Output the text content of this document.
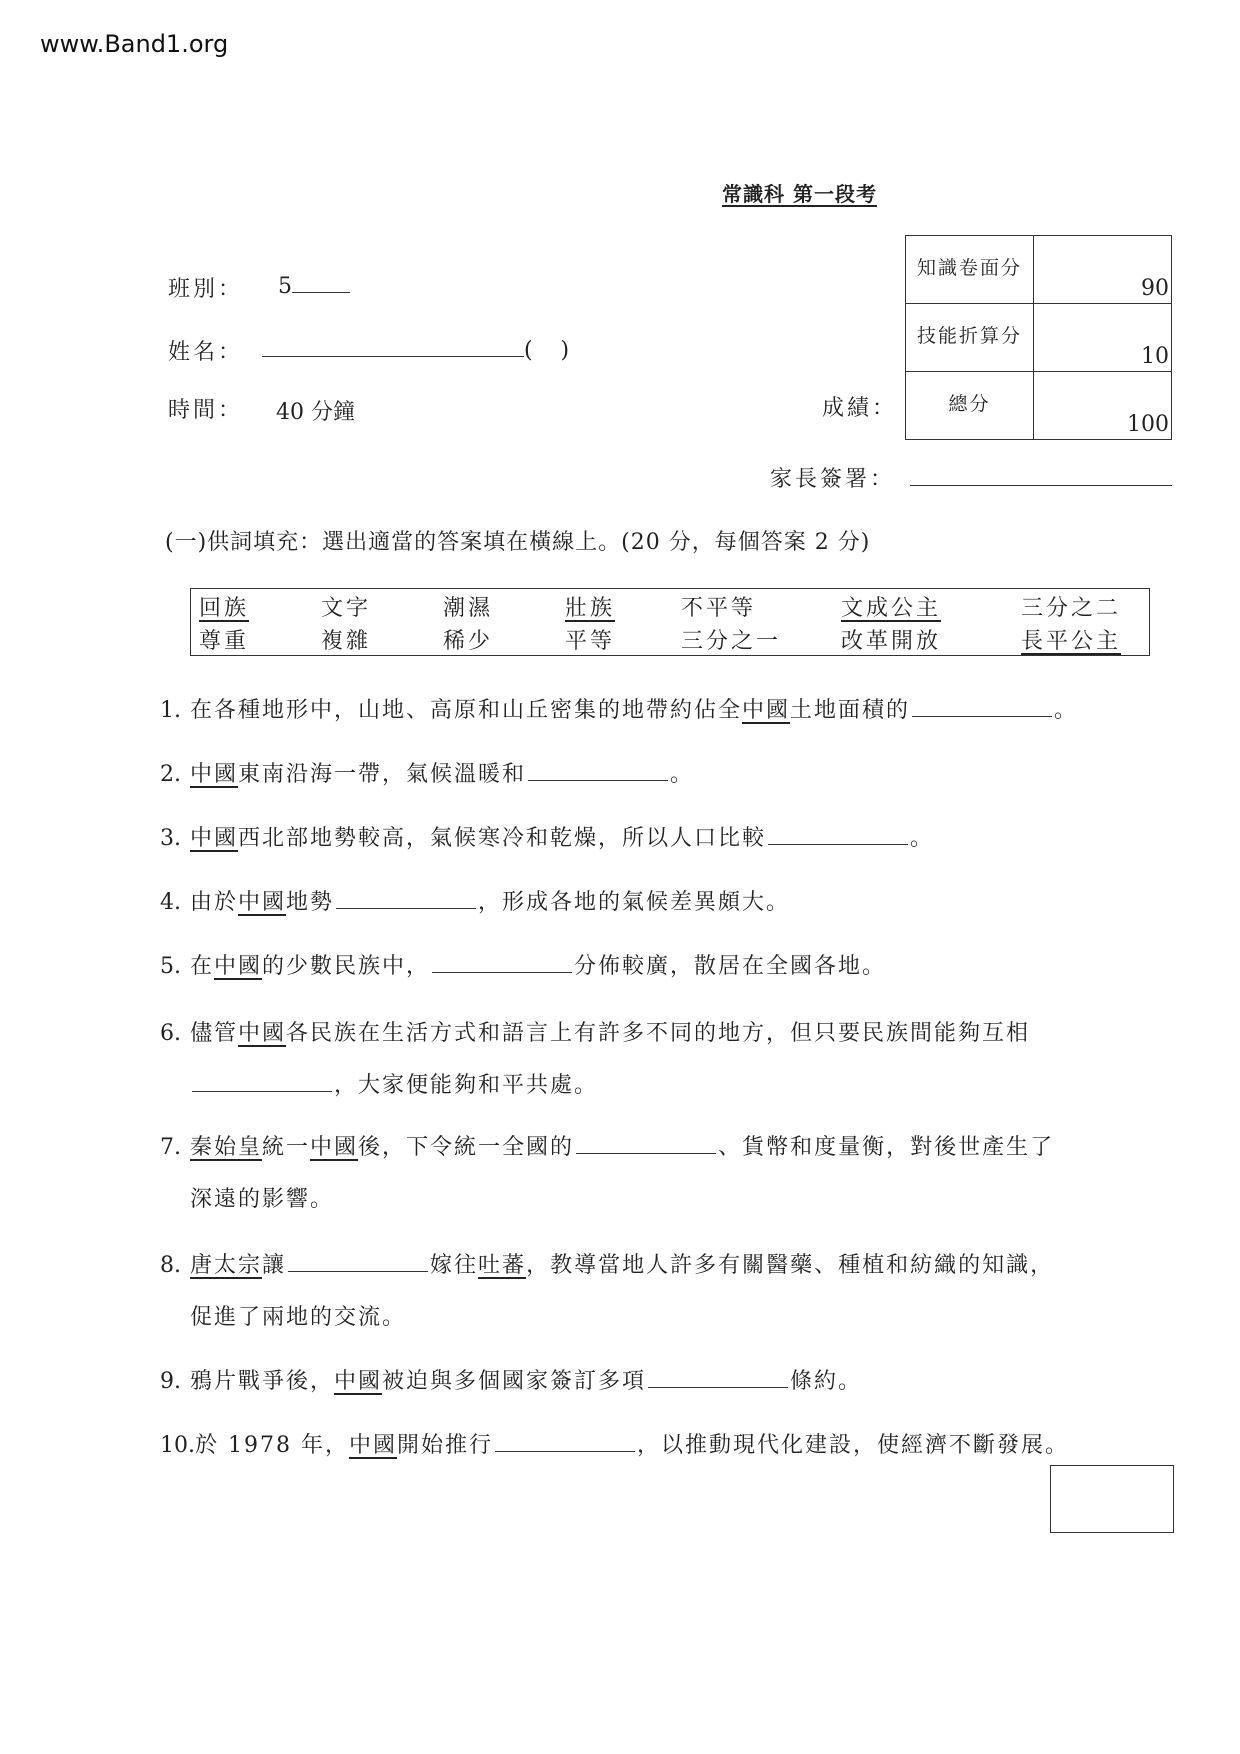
www.Band1.org
常識科 第一段考
班別： 5
姓名：	(    )
時間： 40 分鐘	成績：
知識卷面分	90
技能折算分	10
總分	100
家長簽署：
(一)供詞填充：選出適當的答案填在橫線上。(20 分，每個答案 2 分)
回族	文字	潮濕	壯族	不平等	文成公主	三分之二
尊重	複雜	稀少	平等	三分之一	改革開放	長平公主
1. 在各種地形中，山地、高原和山丘密集的地帶約佔全中國土地面積的	。
2. 中國東南沿海一帶，氣候溫暖和	。
3. 中國西北部地勢較高，氣候寒冷和乾燥，所以人口比較	。
4. 由於中國地勢	，形成各地的氣候差異頗大。
5. 在中國的少數民族中，	分佈較廣，散居在全國各地。
6. 儘管中國各民族在生活方式和語言上有許多不同的地方，但只要民族間能夠互相
，大家便能夠和平共處。
7. 秦始皇統一中國後，下令統一全國的	、貨幣和度量衡，對後世產生了
深遠的影響。
8. 唐太宗讓	嫁往吐蕃，教導當地人許多有關醫藥、種植和紡織的知識，
促進了兩地的交流。
9. 鴉片戰爭後，中國被迫與多個國家簽訂多項	條約。
10.於 1978 年，中國開始推行	，以推動現代化建設，使經濟不斷發展。
